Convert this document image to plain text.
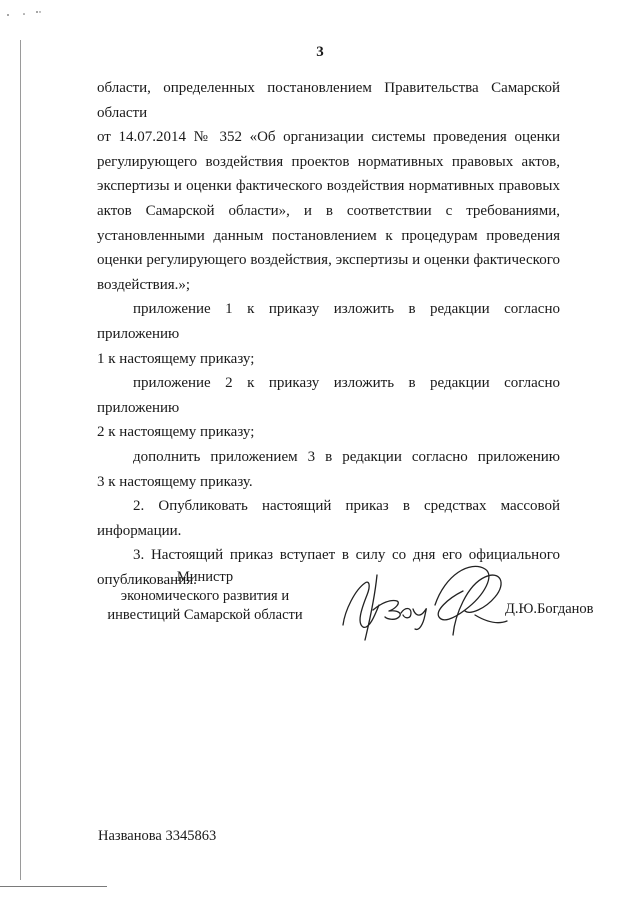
3

области, определенных постановлением Правительства Самарской области

от 14.07.2014 № 352 «Об организации системы проведения оценки

регулирующего воздействия проектов нормативных правовых актов,

экспертизы и оценки фактического воздействия нормативных правовых

актов Самарской области», и в соответствии с требованиями,

установленными данным постановлением к процедурам проведения

оценки регулирующего воздействия, экспертизы и оценки фактического

воздействия.»;

приложение 1 к приказу изложить в редакции согласно приложению

1 к настоящему приказу;

приложение 2 к приказу изложить в редакции согласно приложению

2 к настоящему приказу;

дополнить приложением 3 в редакции согласно приложению

3 к настоящему приказу.

2. Опубликовать настоящий приказ в средствах массовой

информации.

3. Настоящий приказ вступает в силу со дня его официального

опубликования.

Министр
экономического развития и
инвестиций Самарской области	Д.Ю.Богданов
Названова 3345863
